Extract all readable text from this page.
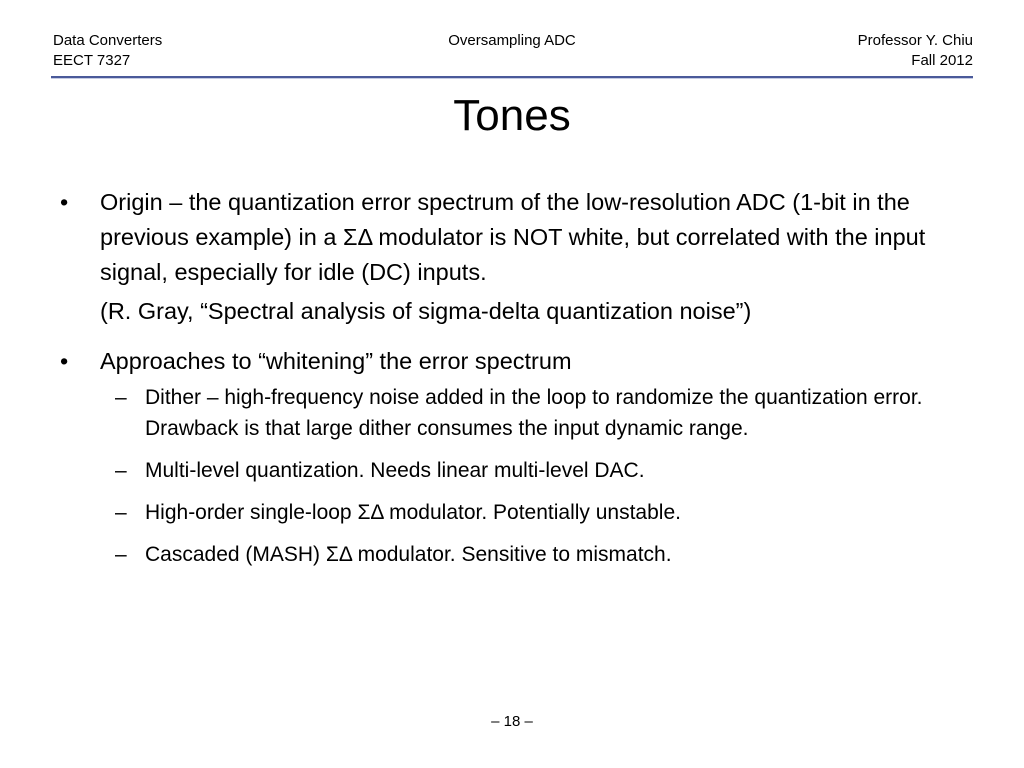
Data Converters
EECT 7327
Oversampling ADC	Professor Y. Chiu
Fall 2012
Tones
• Origin – the quantization error spectrum of the low-resolution ADC (1-bit in the previous example) in a ΣΔ modulator is NOT white, but correlated with the input signal, especially for idle (DC) inputs.

(R. Gray, “Spectral analysis of sigma-delta quantization noise”)

• Approaches to “whitening” the error spectrum

– Dither – high-frequency noise added in the loop to randomize the quantization error. Drawback is that large dither consumes the input dynamic range.
– Multi-level quantization. Needs linear multi-level DAC.
– High-order single-loop ΣΔ modulator. Potentially unstable.
– Cascaded (MASH) ΣΔ modulator. Sensitive to mismatch.
– 18 –
